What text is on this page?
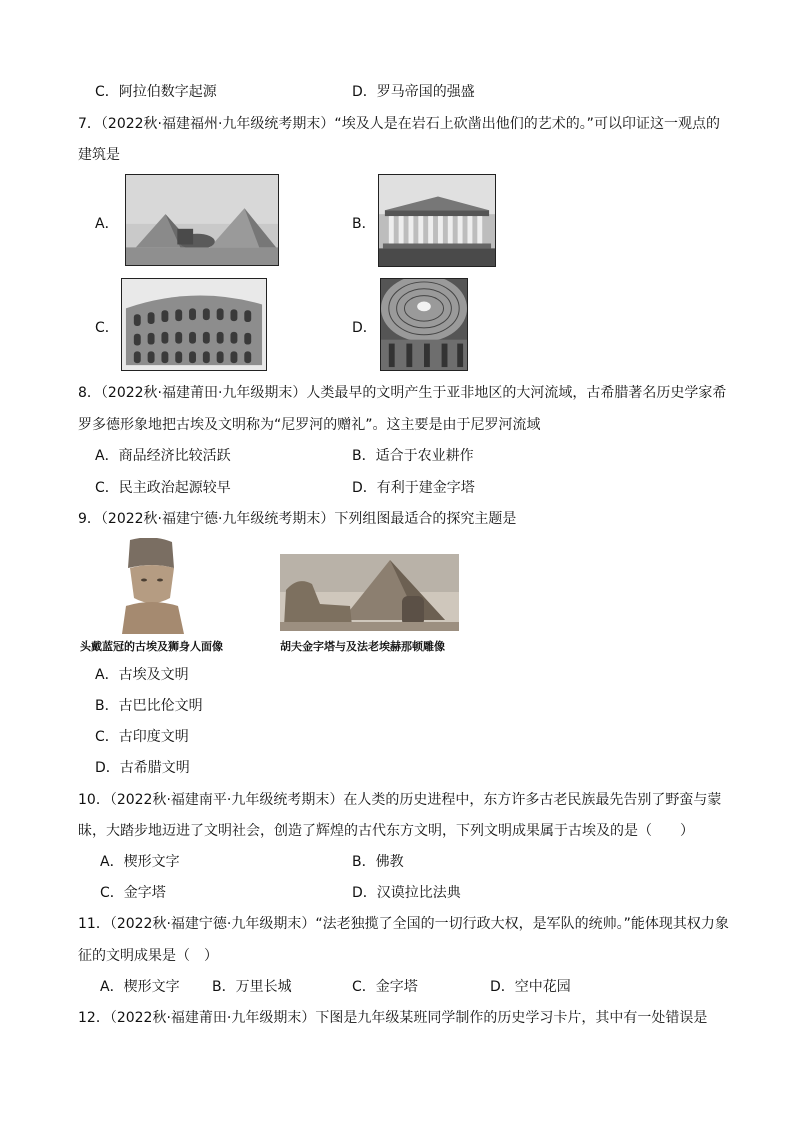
C．阿拉伯数字起源	D．罗马帝国的强盛
7．（2022秋·福建福州·九年级统考期末）“埃及人是在岩石上砍凿出他们的艺术的。”可以印证这一观点的
建筑是
A．	B．
C．	D．
8．（2022秋·福建莆田·九年级期末）人类最早的文明产生于亚非地区的大河流域，古希腊著名历史学家希
罗多德形象地把古埃及文明称为“尼罗河的赠礼”。这主要是由于尼罗河流域
A．商品经济比较活跃	B．适合于农业耕作
C．民主政治起源较早	D．有利于建金字塔
9．（2022秋·福建宁德·九年级统考期末）下列组图最适合的探究主题是
头戴蓝冠的古埃及狮身人面像	胡夫金字塔与及法老埃赫那顿雕像
A．古埃及文明
B．古巴比伦文明
C．古印度文明
D．古希腊文明
10．（2022秋·福建南平·九年级统考期末）在人类的历史进程中，东方许多古老民族最先告别了野蛮与蒙
昧，大踏步地迈进了文明社会，创造了辉煌的古代东方文明，下列文明成果属于古埃及的是（　　）
A．楔形文字	B．佛教
C．金字塔	D．汉谟拉比法典
11．（2022秋·福建宁德·九年级期末）“法老独揽了全国的一切行政大权，是军队的统帅。”能体现其权力象
征的文明成果是（　）
A．楔形文字 B．万里长城	C．金字塔	D．空中花园
12．（2022秋·福建莆田·九年级期末）下图是九年级某班同学制作的历史学习卡片，其中有一处错误是
